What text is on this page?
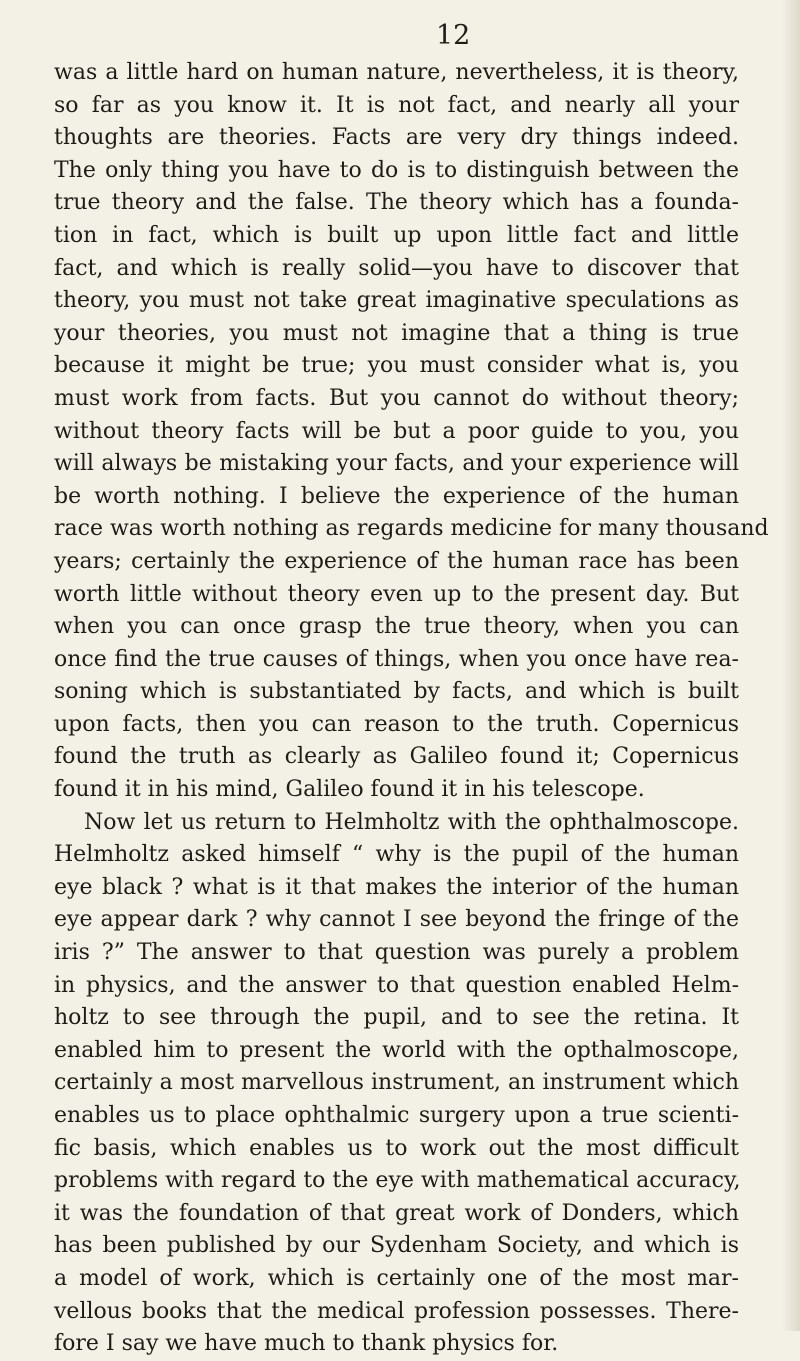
12
was a little hard on human nature, nevertheless, it is theory,
so far as you know it. It is not fact, and nearly all your
thoughts are theories. Facts are very dry things indeed.
The only thing you have to do is to distinguish between the
true theory and the false. The theory which has a founda-
tion in fact, which is built up upon little fact and little
fact, and which is really solid—you have to discover that
theory, you must not take great imaginative speculations as
your theories, you must not imagine that a thing is true
because it might be true; you must consider what is, you
must work from facts. But you cannot do without theory;
without theory facts will be but a poor guide to you, you
will always be mistaking your facts, and your experience will
be worth nothing. I believe the experience of the human
race was worth nothing as regards medicine for many thousand
years; certainly the experience of the human race has been
worth little without theory even up to the present day. But
when you can once grasp the true theory, when you can
once find the true causes of things, when you once have rea-
soning which is substantiated by facts, and which is built
upon facts, then you can reason to the truth. Copernicus
found the truth as clearly as Galileo found it; Copernicus
found it in his mind, Galileo found it in his telescope.
Now let us return to Helmholtz with the ophthalmoscope.
Helmholtz asked himself “ why is the pupil of the human
eye black ? what is it that makes the interior of the human
eye appear dark ? why cannot I see beyond the fringe of the
iris ?” The answer to that question was purely a problem
in physics, and the answer to that question enabled Helm-
holtz to see through the pupil, and to see the retina. It
enabled him to present the world with the opthalmoscope,
certainly a most marvellous instrument, an instrument which
enables us to place ophthalmic surgery upon a true scienti-
fic basis, which enables us to work out the most difficult
problems with regard to the eye with mathematical accuracy,
it was the foundation of that great work of Donders, which
has been published by our Sydenham Society, and which is
a model of work, which is certainly one of the most mar-
vellous books that the medical profession possesses. There-
fore I say we have much to thank physics for.
